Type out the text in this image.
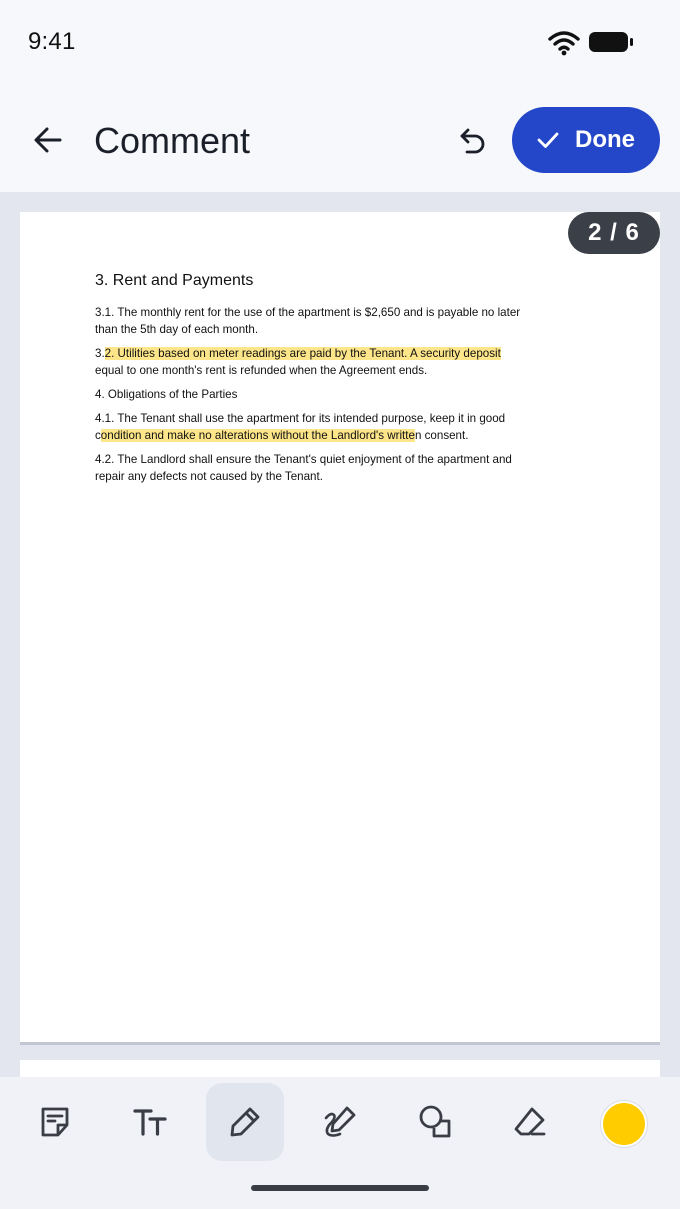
9:41
Comment	Done
3. Rent and Payments
3.1. The monthly rent for the use of the apartment is $2,650 and is payable no later
than the 5th day of each month.
3.2. Utilities based on meter readings are paid by the Tenant. A security deposit
equal to one month's rent is refunded when the Agreement ends.
4. Obligations of the Parties
4.1. The Tenant shall use the apartment for its intended purpose, keep it in good
condition and make no alterations without the Landlord's written consent.
4.2. The Landlord shall ensure the Tenant's quiet enjoyment of the apartment and
repair any defects not caused by the Tenant.
2 / 6
